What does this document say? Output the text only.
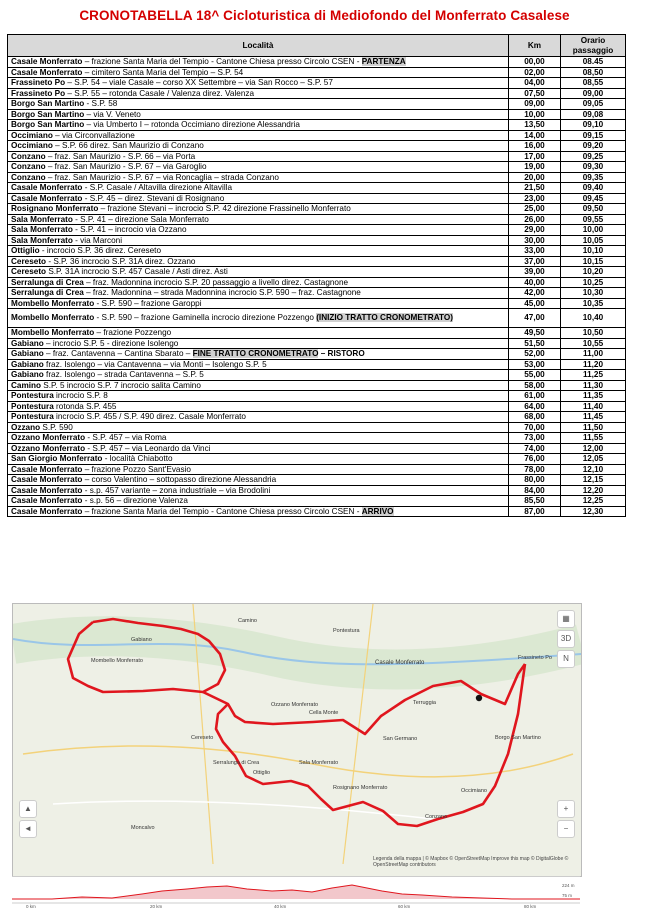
CRONOTABELLA 18^ Cicloturistica di Mediofondo del Monferrato Casalese
Località	Km	Orario passaggio
Casale Monferrato – frazione Santa Maria del Tempio - Cantone Chiesa presso Circolo CSEN - PARTENZA	00,00	08.45
Casale Monferrato – cimitero Santa Maria del Tempio – S.P. 54	02,00	08,50
Frassineto Po – S.P. 54 – viale Casale – corso XX Settembre – via San Rocco – S.P. 57	04,00	08,55
Frassineto Po – S.P. 55 – rotonda Casale / Valenza direz. Valenza	07,50	09,00
Borgo San Martino - S.P. 58	09,00	09,05
Borgo San Martino – via V. Veneto	10,00	09,08
Borgo San Martino – via Umberto I – rotonda Occimiano direzione Alessandria	13,50	09,10
Occimiano – via Circonvallazione	14,00	09,15
Occimiano – S.P. 66 direz. San Maurizio di Conzano	16,00	09,20
Conzano – fraz. San Maurizio - S.P. 66 – via Porta	17,00	09,25
Conzano – fraz. San Maurizio - S.P. 67 – via Garoglio	19,00	09,30
Conzano – fraz. San Maurizio - S.P. 67 – via Roncaglia – strada Conzano	20,00	09,35
Casale Monferrato - S.P. Casale / Altavilla direzione Altavilla	21,50	09,40
Casale Monferrato - S.P. 45 – direz. Stevani di Rosignano	23,00	09,45
Rosignano Monferrato – frazione Stevani – incrocio S.P. 42 direzione Frassinello Monferrato	25,00	09,50
Sala Monferrato - S.P. 41 – direzione Sala Monferrato	26,00	09,55
Sala Monferrato - S.P. 41 – incrocio via Ozzano	29,00	10,00
Sala Monferrato - via Marconi	30,00	10,05
Ottiglio - incrocio S.P. 36 direz. Cereseto	33,00	10,10
Cereseto - S.P. 36 incrocio S.P. 31A direz. Ozzano	37,00	10,15
Cereseto S.P. 31A incrocio S.P. 457 Casale / Asti direz. Asti	39,00	10,20
Serralunga di Crea – fraz. Madonnina incrocio S.P. 20 passaggio a livello direz. Castagnone	40,00	10,25
Serralunga di Crea – fraz. Madonnina – strada Madonnina incrocio S.P. 590 – fraz. Castagnone	42,00	10,30
Mombello Monferrato - S.P. 590 – frazione Garoppi	45,00	10,35
Mombello Monferrato - S.P. 590 – frazione Gaminella incrocio direzione Pozzengo (INIZIO TRATTO CRONOMETRATO)	47,00	10,40
Mombello Monferrato – frazione Pozzengo	49,50	10,50
Gabiano – incrocio S.P. 5 - direzione Isolengo	51,50	10,55
Gabiano – fraz. Cantavenna – Cantina Sbarato – FINE TRATTO CRONOMETRATO – RISTORO	52,00	11,00
Gabiano fraz. Isolengo – via Cantavenna – via Monti – Isolengo S.P. 5	53,00	11,20
Gabiano fraz. Isolengo – strada Cantavenna – S.P. 5	55,00	11,25
Camino S.P. 5 incrocio S.P. 7 incrocio salita Camino	58,00	11,30
Pontestura incrocio S.P. 8	61,00	11,35
Pontestura rotonda S.P. 455	64,00	11,40
Pontestura incrocio S.P. 455 / S.P. 490 direz. Casale Monferrato	68,00	11,45
Ozzano S.P. 590	70,00	11,50
Ozzano Monferrato - S.P. 457 – via Roma	73,00	11,55
Ozzano Monferrato - S.P. 457 – via Leonardo da Vinci	74,00	12,00
San Giorgio Monferrato - località Chiabotto	76,00	12,05
Casale Monferrato – frazione Pozzo Sant'Evasio	78,00	12,10
Casale Monferrato – corso Valentino – sottopasso direzione Alessandria	80,00	12,15
Casale Monferrato - s.p. 457 variante – zona industriale – via Brodolini	84,00	12,20
Casale Monferrato - s.p. 56 – direzione Valenza	85,50	12,25
Casale Monferrato – frazione Santa Maria del Tempio - Cantone Chiesa presso Circolo CSEN - ARRIVO	87,00	12,30
Casale Monferrato
Mombello Monferrato
Gabiano
Pontestura
Ozzano Monferrato
Sala Monferrato
Cereseto
Occimiano
Borgo San Martino
Frassineto Po
Conzano
San Germano
Moncalvo
Ottiglio
Rosignano Monferrato
Camino
Serralunga di Crea
Cella Monte
Terruggia
▦
3D
N
+
−
▲
◄
Legenda della mappa | © Mapbox © OpenStreetMap Improve this map © DigitalGlobe © OpenStreetMap contributors
0 km	20 km	40 km	60 km	80 km
224 m
75 m
